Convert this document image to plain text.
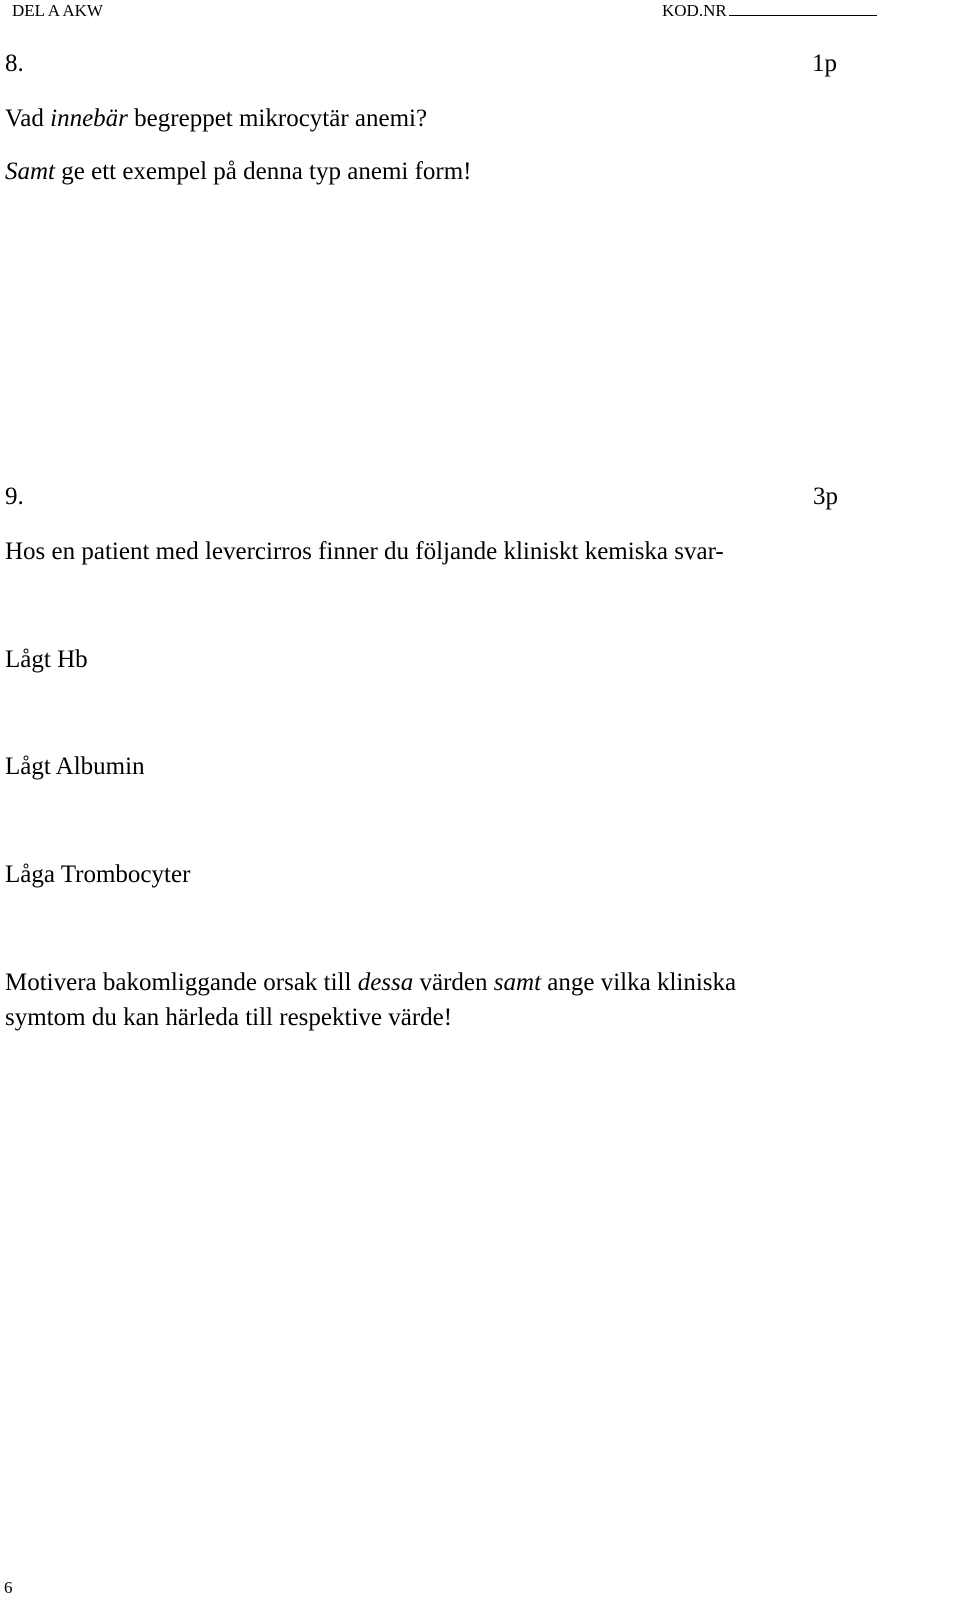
DEL A AKW	KOD.NR
8.	1p
Vad innebär begreppet mikrocytär anemi?
Samt ge ett exempel på denna typ anemi form!
9.	3p
Hos en patient med levercirros finner du följande kliniskt kemiska svar-
Lågt Hb
Lågt Albumin
Låga Trombocyter
Motivera bakomliggande orsak till dessa värden samt ange vilka kliniska
symtom du kan härleda till respektive värde!
6
